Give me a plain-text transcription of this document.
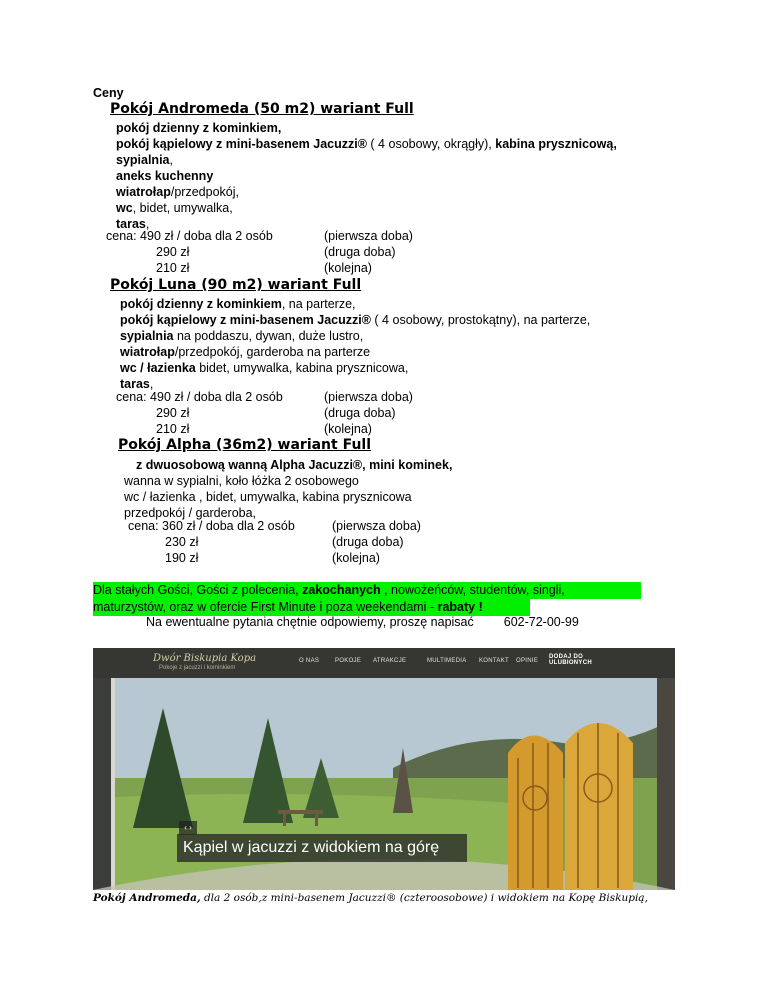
Ceny
Pokój Andromeda (50 m2) wariant Full
pokój dzienny z kominkiem,
pokój kąpielowy z mini-basenem Jacuzzi® ( 4 osobowy, okrągły), kabina prysznicową,
sypialnia,
aneks kuchenny
wiatrołap/przedpokój,
wc, bidet, umywalka,
taras,
cena: 490 zł / doba dla 2 osób	(pierwsza doba)
290 zł	(druga doba)
210 zł	(kolejna)
Pokój Luna (90 m2) wariant Full
pokój dzienny z kominkiem, na parterze,
pokój kąpielowy z mini-basenem Jacuzzi® ( 4 osobowy, prostokątny), na parterze,
sypialnia na poddaszu, dywan, duże lustro,
wiatrołap/przedpokój, garderoba na parterze
wc / łazienka bidet, umywalka, kabina prysznicowa,
taras,
cena: 490 zł / doba dla 2 osób	(pierwsza doba)
290 zł	(druga doba)
210 zł	(kolejna)
Pokój Alpha (36m2) wariant Full
z dwuosobową wanną Alpha Jacuzzi®, mini kominek,
wanna w sypialni, koło łóżka 2 osobowego
wc / łazienka , bidet, umywalka, kabina prysznicowa
przedpokój / garderoba,
cena: 360 zł / doba dla 2 osób	(pierwsza doba)
230 zł	(druga doba)
190 zł	(kolejna)
Dla stałych Gości, Gości z polecenia, zakochanych , nowożeńców, studentów, singli,
maturzystów, oraz w ofercie First Minute i poza weekendami - rabaty !
Na ewentualne pytania chętnie odpowiemy, proszę napisać 602-72-00-99
Dwór Biskupia Kopa
Pokoje z jacuzzi i kominkiem
O NAS	POKOJE ATRAKCJE	MULTIMEDIA KONTAKT OPINIE
DODAJ DO
ULUBIONYCH
‹ ›
Kąpiel w jacuzzi z widokiem na górę
Pokój Andromeda, dla 2 osób,z mini-basenem Jacuzzi® (czteroosobowe) i widokiem na Kopę Biskupią,
